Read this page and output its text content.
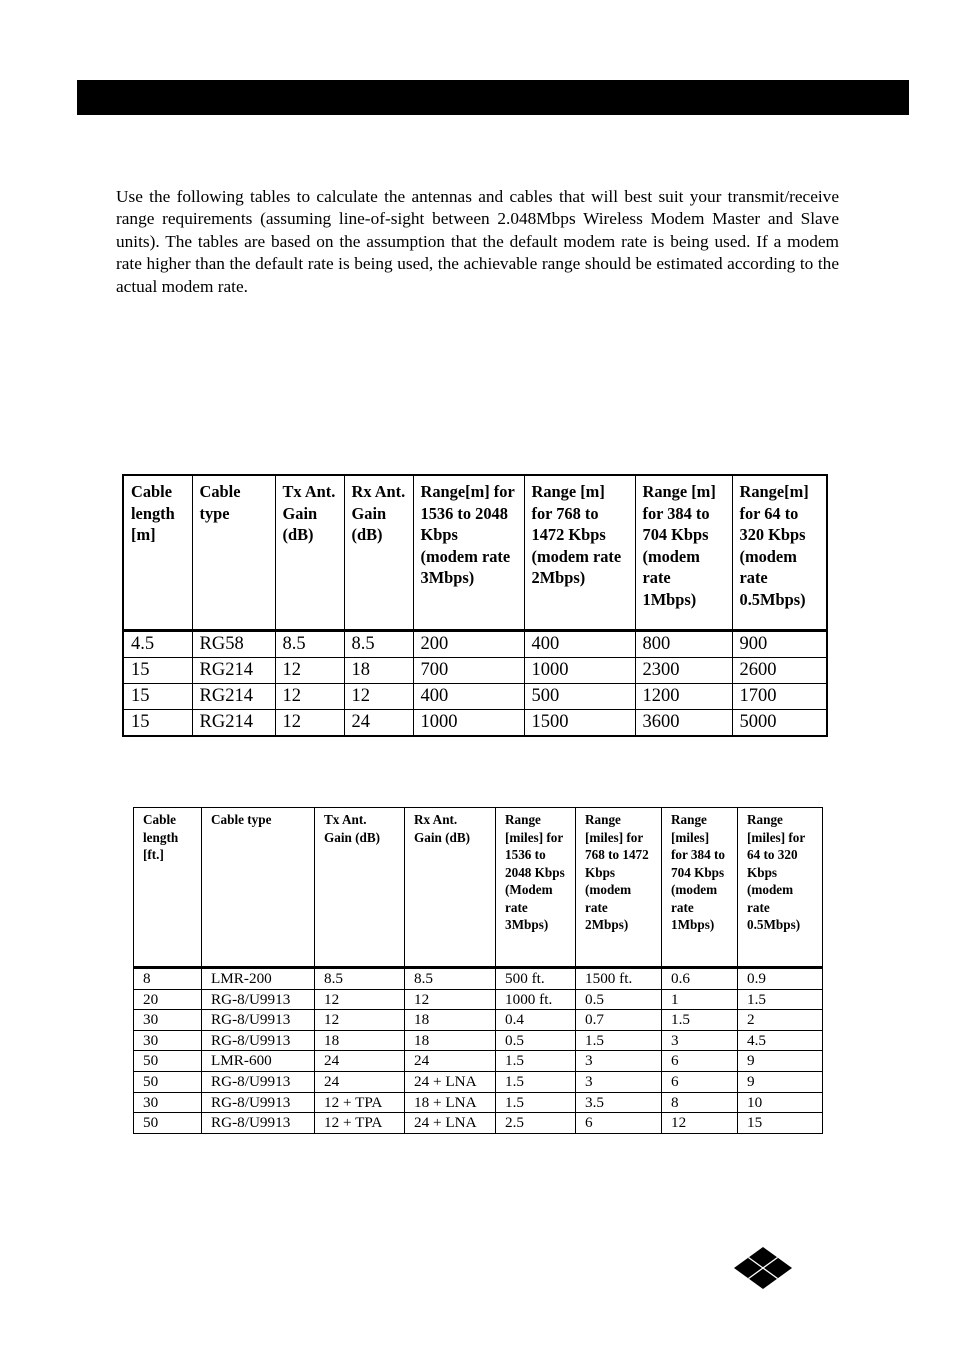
Use the following tables to calculate the antennas and cables that will best suit your transmit/receive range requirements (assuming line-of-sight between 2.048Mbps Wireless Modem Master and Slave units). The tables are based on the assumption that the default modem rate is being used. If a modem rate higher than the default rate is being used, the achievable range should be estimated according to the actual modem rate.

Cable length [m]	Cable type	Tx Ant. Gain (dB)	Rx Ant. Gain (dB)	Range[m] for 1536 to 2048 Kbps (modem rate 3Mbps)	Range [m] for 768 to 1472 Kbps (modem rate 2Mbps)	Range [m] for 384 to 704 Kbps (modem rate 1Mbps)	Range[m] for 64 to 320 Kbps (modem rate 0.5Mbps)
4.5	RG58	8.5	8.5	200	400	800	900
15	RG214	12	18	700	1000	2300	2600
15	RG214	12	12	400	500	1200	1700
15	RG214	12	24	1000	1500	3600	5000
Cable length [ft.]	Cable type	Tx Ant. Gain (dB)	Rx Ant. Gain (dB)	Range [miles] for 1536 to 2048 Kbps (Modem rate 3Mbps)	Range [miles] for 768 to 1472 Kbps (modem rate 2Mbps)	Range [miles] for 384 to 704 Kbps (modem rate 1Mbps)	Range [miles] for 64 to 320 Kbps (modem rate 0.5Mbps)
8	LMR-200	8.5	8.5	500 ft.	1500 ft.	0.6	0.9
20	RG-8/U9913	12	12	1000 ft.	0.5	1	1.5
30	RG-8/U9913	12	18	0.4	0.7	1.5	2
30	RG-8/U9913	18	18	0.5	1.5	3	4.5
50	LMR-600	24	24	1.5	3	6	9
50	RG-8/U9913	24	24 + LNA	1.5	3	6	9
30	RG-8/U9913	12 + TPA	18 + LNA	1.5	3.5	8	10
50	RG-8/U9913	12 + TPA	24 + LNA	2.5	6	12	15
